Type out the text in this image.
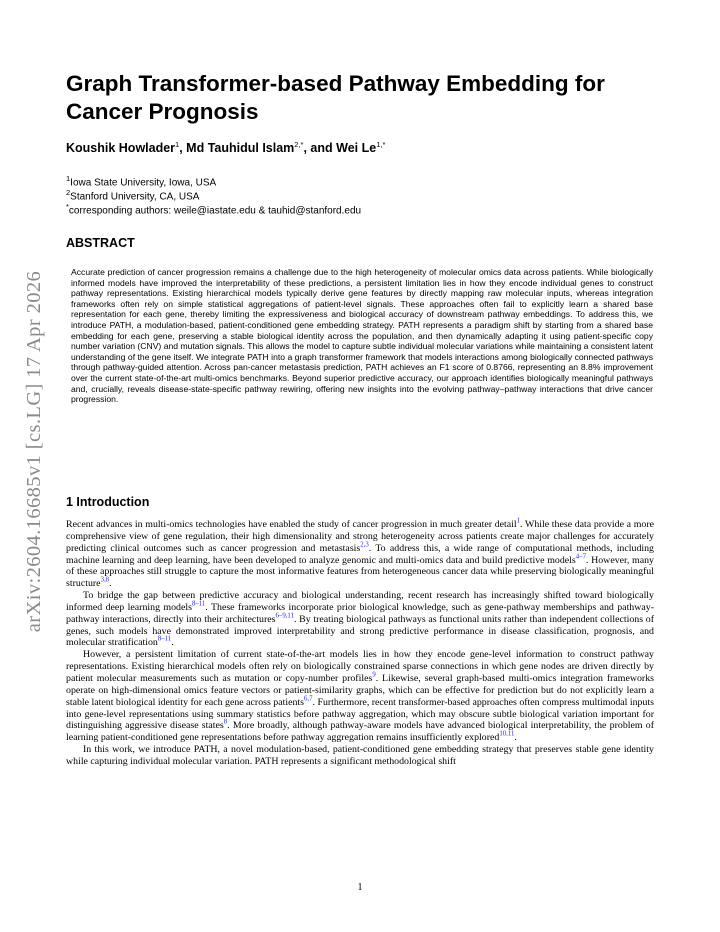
arXiv:2604.16685v1 [cs.LG] 17 Apr 2026
Graph Transformer-based Pathway Embedding for Cancer Prognosis
Koushik Howlader$^1$, Md Tauhidul Islam$^{2,*}$, and Wei $Le^{1,*}$
$^1$Iowa State University, Iowa, USA
$^2$Stanford University, CA, USA
*corresponding authors: weile@iastate.edu & tauhid@stanford.edu
ABSTRACT

Accurate prediction of cancer progression remains a challenge due to the high heterogeneity of molecular omics data across patients. While biologically informed models have improved the interpretability of these predictions, a persistent limitation lies in how they encode individual genes to construct pathway representations. Existing hierarchical models typically derive gene features by directly mapping raw molecular inputs, whereas integration frameworks often rely on simple statistical aggregations of patient-level signals. These approaches often fail to explicitly learn a shared base representation for each gene, thereby limiting the expressiveness and biological accuracy of downstream pathway embeddings. To address this, we introduce PATH, a modulation-based, patient-conditioned gene embedding strategy. PATH represents a paradigm shift by starting from a shared base embedding for each gene, preserving a stable biological identity across the population, and then dynamically adapting it using patient-specific copy number variation (CNV) and mutation signals. This allows the model to capture subtle individual molecular variations while maintaining a consistent latent understanding of the gene itself. We integrate PATH into a graph transformer framework that models interactions among biologically connected pathways through pathway-guided attention. Across pan-cancer metastasis prediction, PATH achieves an F1 score of 0.8766, representing an 8.8% improvement over the current state-of-the-art multi-omics benchmarks. Beyond superior predictive accuracy, our approach identifies biologically meaningful pathways and, crucially, reveals disease-state-specific pathway rewiring, offering new insights into the evolving pathway–pathway interactions that drive cancer progression.

1 Introduction

Recent advances in multi-omics technologies have enabled the study of cancer progression in much greater detail$^1$. While these data provide a more comprehensive view of gene regulation, their high dimensionality and strong heterogeneity across patients create major challenges for accurately predicting clinical outcomes such as cancer progression and metastasis$^{2,3}$. To address this, a wide range of computational methods, including machine learning and deep learning, have been developed to analyze genomic and multi-omics data and build predictive models$^{4-7}$. However, many of these approaches still struggle to capture the most informative features from heterogeneous cancer data while preserving biologically meaningful structure$^{3,8}$.

To bridge the gap between predictive accuracy and biological understanding, recent research has increasingly shifted toward biologically informed deep learning models$^{8-11}$. These frameworks incorporate prior biological knowledge, such as gene-pathway memberships and pathway-pathway interactions, directly into their architectures$^{6-9,11}$. By treating biological pathways as functional units rather than independent collections of genes, such models have demonstrated improved interpretability and strong predictive performance in disease classification, prognosis, and molecular stratification$^{8-11}$.

However, a persistent limitation of current state-of-the-art models lies in how they encode gene-level information to construct pathway representations. Existing hierarchical models often rely on biologically constrained sparse connections in which gene nodes are driven directly by patient molecular measurements such as mutation or copy-number profiles$^9$. Likewise, several graph-based multi-omics integration frameworks operate on high-dimensional omics feature vectors or patient-similarity graphs, which can be effective for prediction but do not explicitly learn a stable latent biological identity for each gene across patients$^{6,7}$. Furthermore, recent transformer-based approaches often compress multimodal inputs into gene-level representations using summary statistics before pathway aggregation, which may obscure subtle biological variation important for distinguishing aggressive disease states$^8$. More broadly, although pathway-aware models have advanced biological interpretability, the problem of learning patient-conditioned gene representations before pathway aggregation remains insufficiently explored$^{10,11}$.

In this work, we introduce PATH, a novel modulation-based, patient-conditioned gene embedding strategy that preserves stable gene identity while capturing individual molecular variation. PATH represents a significant methodological shift

1
